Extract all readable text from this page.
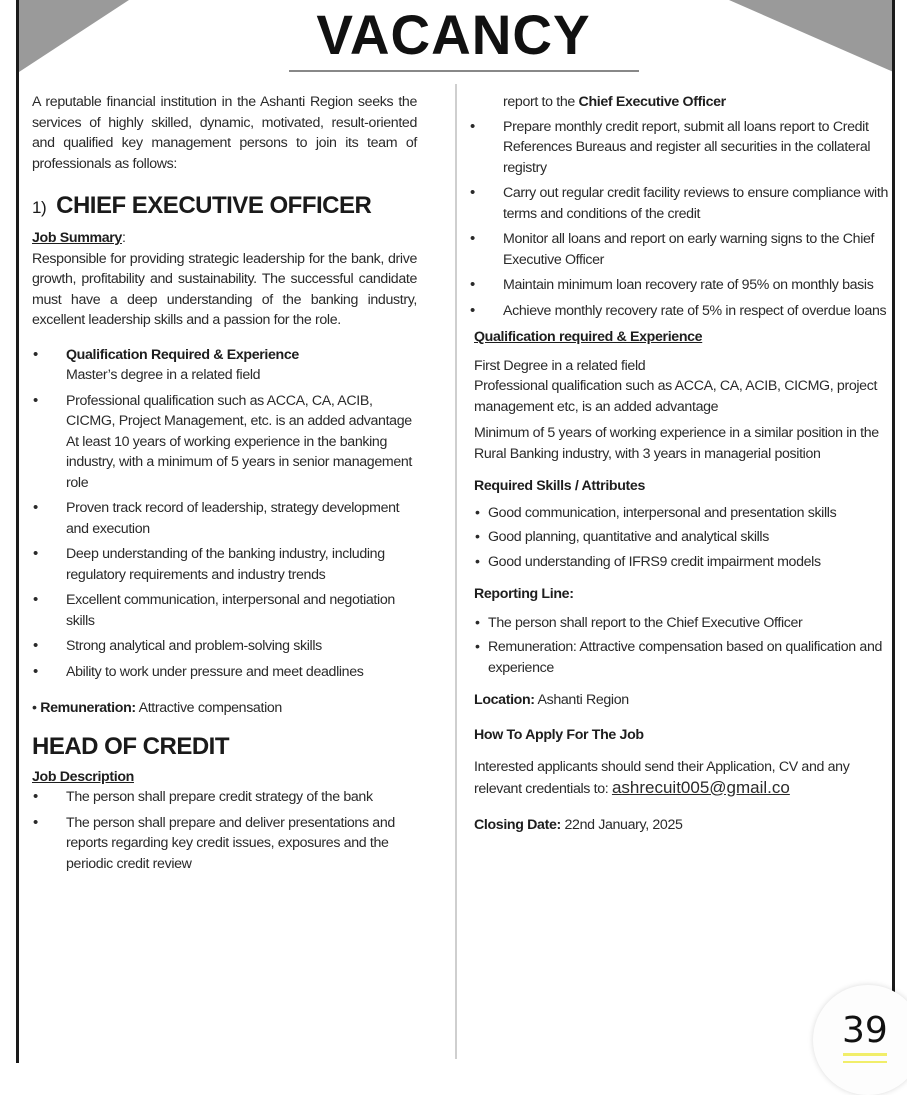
VACANCY

A reputable financial institution in the Ashanti Region seeks the services of highly skilled, dynamic, motivated, result-oriented and qualified key management persons to join its team of professionals as follows:

1) CHIEF EXECUTIVE OFFICER

Job Summary:

Responsible for providing strategic leadership for the bank, drive growth, profitability and sustainability. The successful candidate must have a deep understanding of the banking industry, excellent leadership skills and a passion for the role.

• Qualification Required & Experience
Master’s degree in a related field
• Professional qualification such as ACCA, CA, ACIB, CICMG, Project Management, etc. is an added advantage
At least 10 years of working experience in the banking industry, with a minimum of 5 years in senior management role
• Proven track record of leadership, strategy development and execution
• Deep understanding of the banking industry, including regulatory requirements and industry trends
• Excellent communication, interpersonal and negotiation skills
• Strong analytical and problem-solving skills
• Ability to work under pressure and meet deadlines

• Remuneration: Attractive compensation

HEAD OF CREDIT

Job Description

• The person shall prepare credit strategy of the bank
• The person shall prepare and deliver presentations and reports regarding key credit issues, exposures and the periodic credit review

report to the Chief Executive Officer

• Prepare monthly credit report, submit all loans report to Credit References Bureaus and register all securities in the collateral registry
• Carry out regular credit facility reviews to ensure compliance with terms and conditions of the credit
• Monitor all loans and report on early warning signs to the Chief Executive Officer
• Maintain minimum loan recovery rate of 95% on monthly basis
• Achieve monthly recovery rate of 5% in respect of overdue loans

Qualification required & Experience

First Degree in a related field

Professional qualification such as ACCA, CA, ACIB, CICMG, project management etc, is an added advantage

Minimum of 5 years of working experience in a similar position in the Rural Banking industry, with 3 years in managerial position

Required Skills / Attributes

• Good communication, interpersonal and presentation skills
• Good planning, quantitative and analytical skills
• Good understanding of IFRS9 credit impairment models

Reporting Line:

• The person shall report to the Chief Executive Officer
• Remuneration: Attractive compensation based on qualification and experience

Location: Ashanti Region

How To Apply For The Job

Interested applicants should send their Application, CV and any relevant credentials to: ashrecuit005@gmail.co

Closing Date: 22nd January, 2025

39
